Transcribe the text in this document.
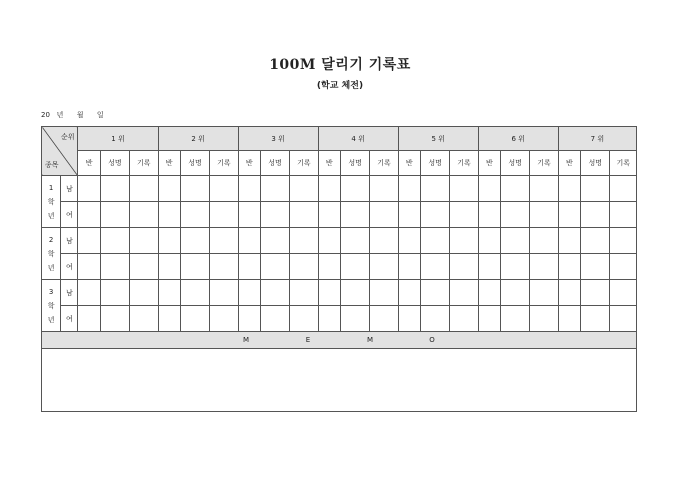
100M 달리기 기록표
(학교 체전)
20 년 월 일
순위
종목		1 위			2 위			3 위			4 위			5 위			6 위			7 위		
		반	성명	기록	반	성명	기록	반	성명	기록	반	성명	기록	반	성명	기록	반	성명	기록	반	성명	기록

1
학
년	남																					
	여																					

2
학
년	남																					
	여																					

3
학
년	남																					
	여																					

M E M O																						
